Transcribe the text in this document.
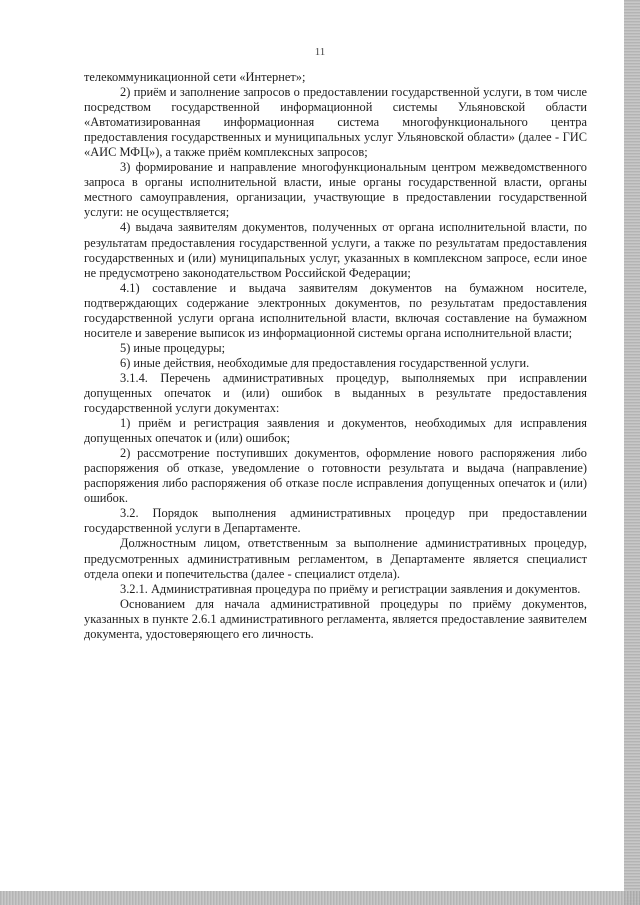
11

телекоммуникационной сети «Интернет»;

2) приём и заполнение запросов о предоставлении государственной услуги, в том числе посредством государственной информационной системы Ульяновской области «Автоматизированная информационная система многофункционального центра предоставления государственных и муниципальных услуг Ульяновской области» (далее - ГИС «АИС МФЦ»), а также приём комплексных запросов;

3) формирование и направление многофункциональным центром межведомственного запроса в органы исполнительной власти, иные органы государственной власти, органы местного самоуправления, организации, участвующие в предоставлении государственной услуги: не осуществляется;

4) выдача заявителям документов, полученных от органа исполнительной власти, по результатам предоставления государственной услуги, а также по результатам предоставления государственных и (или) муниципальных услуг, указанных в комплексном запросе, если иное не предусмотрено законодательством Российской Федерации;

4.1) составление и выдача заявителям документов на бумажном носителе, подтверждающих содержание электронных документов, по результатам предоставления государственной услуги органа исполнительной власти, включая составление на бумажном носителе и заверение выписок из информационной системы органа исполнительной власти;

5) иные процедуры;

6) иные действия, необходимые для предоставления государственной услуги.

3.1.4. Перечень административных процедур, выполняемых при исправлении допущенных опечаток и (или) ошибок в выданных в результате предоставления государственной услуги документах:

1) приём и регистрация заявления и документов, необходимых для исправления допущенных опечаток и (или) ошибок;

2) рассмотрение поступивших документов, оформление нового распоряжения либо распоряжения об отказе, уведомление о готовности результата и выдача (направление) распоряжения либо распоряжения об отказе после исправления допущенных опечаток и (или) ошибок.

3.2. Порядок выполнения административных процедур при предоставлении государственной услуги в Департаменте.

Должностным лицом, ответственным за выполнение административных процедур, предусмотренных административным регламентом, в Департаменте является специалист отдела опеки и попечительства (далее - специалист отдела).

3.2.1. Административная процедура по приёму и регистрации заявления и документов.

Основанием для начала административной процедуры по приёму документов, указанных в пункте 2.6.1 административного регламента, является предоставление заявителем документа, удостоверяющего его личность.
